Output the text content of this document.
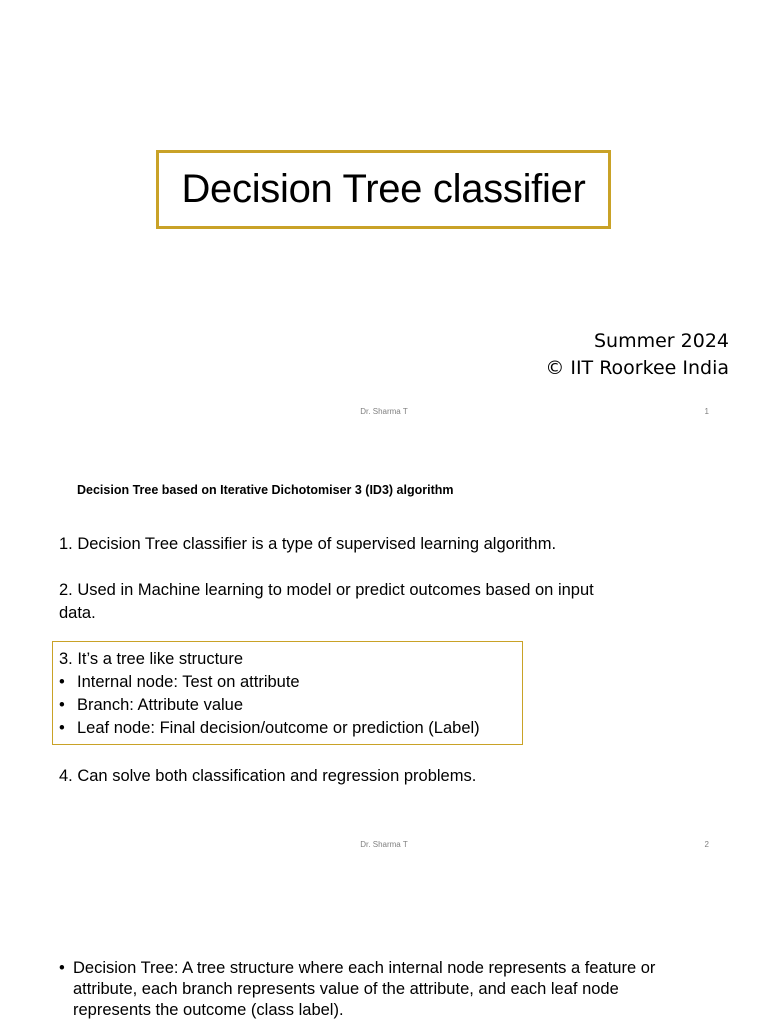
Decision Tree classifier
Summer 2024
© IIT Roorkee India
Dr. Sharma T	1
Decision Tree based on Iterative Dichotomiser 3 (ID3) algorithm
1. Decision Tree classifier is a type of supervised learning algorithm.
2. Used in Machine learning to model or predict outcomes based on input
data.
3. It’s a tree like structure
• Internal node: Test on attribute
• Branch: Attribute value
• Leaf node: Final decision/outcome or prediction (Label)
4. Can solve both classification and regression problems.
Dr. Sharma T	2
• Decision Tree: A tree structure where each internal node represents a feature or
attribute, each branch represents value of the attribute, and each leaf node
represents the outcome (class label).
